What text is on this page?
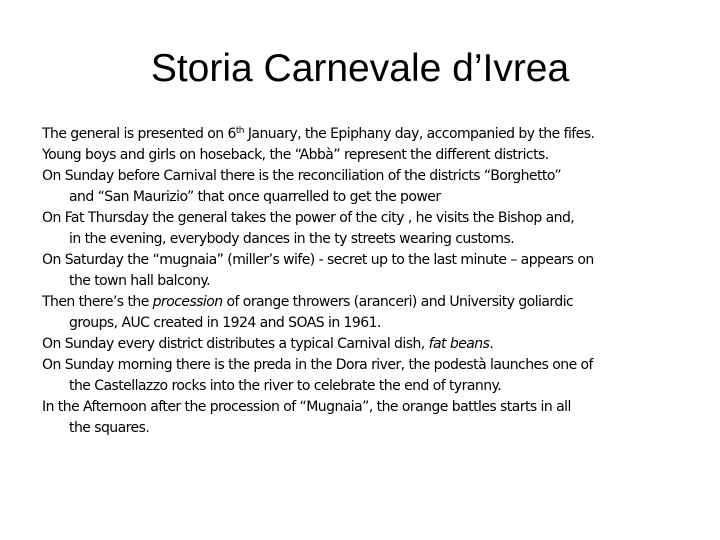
Storia Carnevale d’Ivrea
The general is presented on 6th January, the Epiphany day, accompanied by the fifes.
Young boys and girls on hoseback, the “Abbà” represent the different districts.
On Sunday before Carnival there is the reconciliation of the districts “Borghetto”
and “San Maurizio” that once quarrelled to get the power
On Fat Thursday the general takes the power of the city , he visits the Bishop and,
in the evening, everybody dances in the ty streets wearing customs.
On Saturday the “mugnaia” (miller’s wife) - secret up to the last minute – appears on
the town hall balcony.
Then there’s the procession of orange throwers (aranceri) and University goliardic
groups, AUC created in 1924 and SOAS in 1961.
On Sunday every district distributes a typical Carnival dish, fat beans.
On Sunday morning there is the preda in the Dora river, the podestà launches one of
the Castellazzo rocks into the river to celebrate the end of tyranny.
In the Afternoon after the procession of “Mugnaia”, the orange battles starts in all
the squares.
